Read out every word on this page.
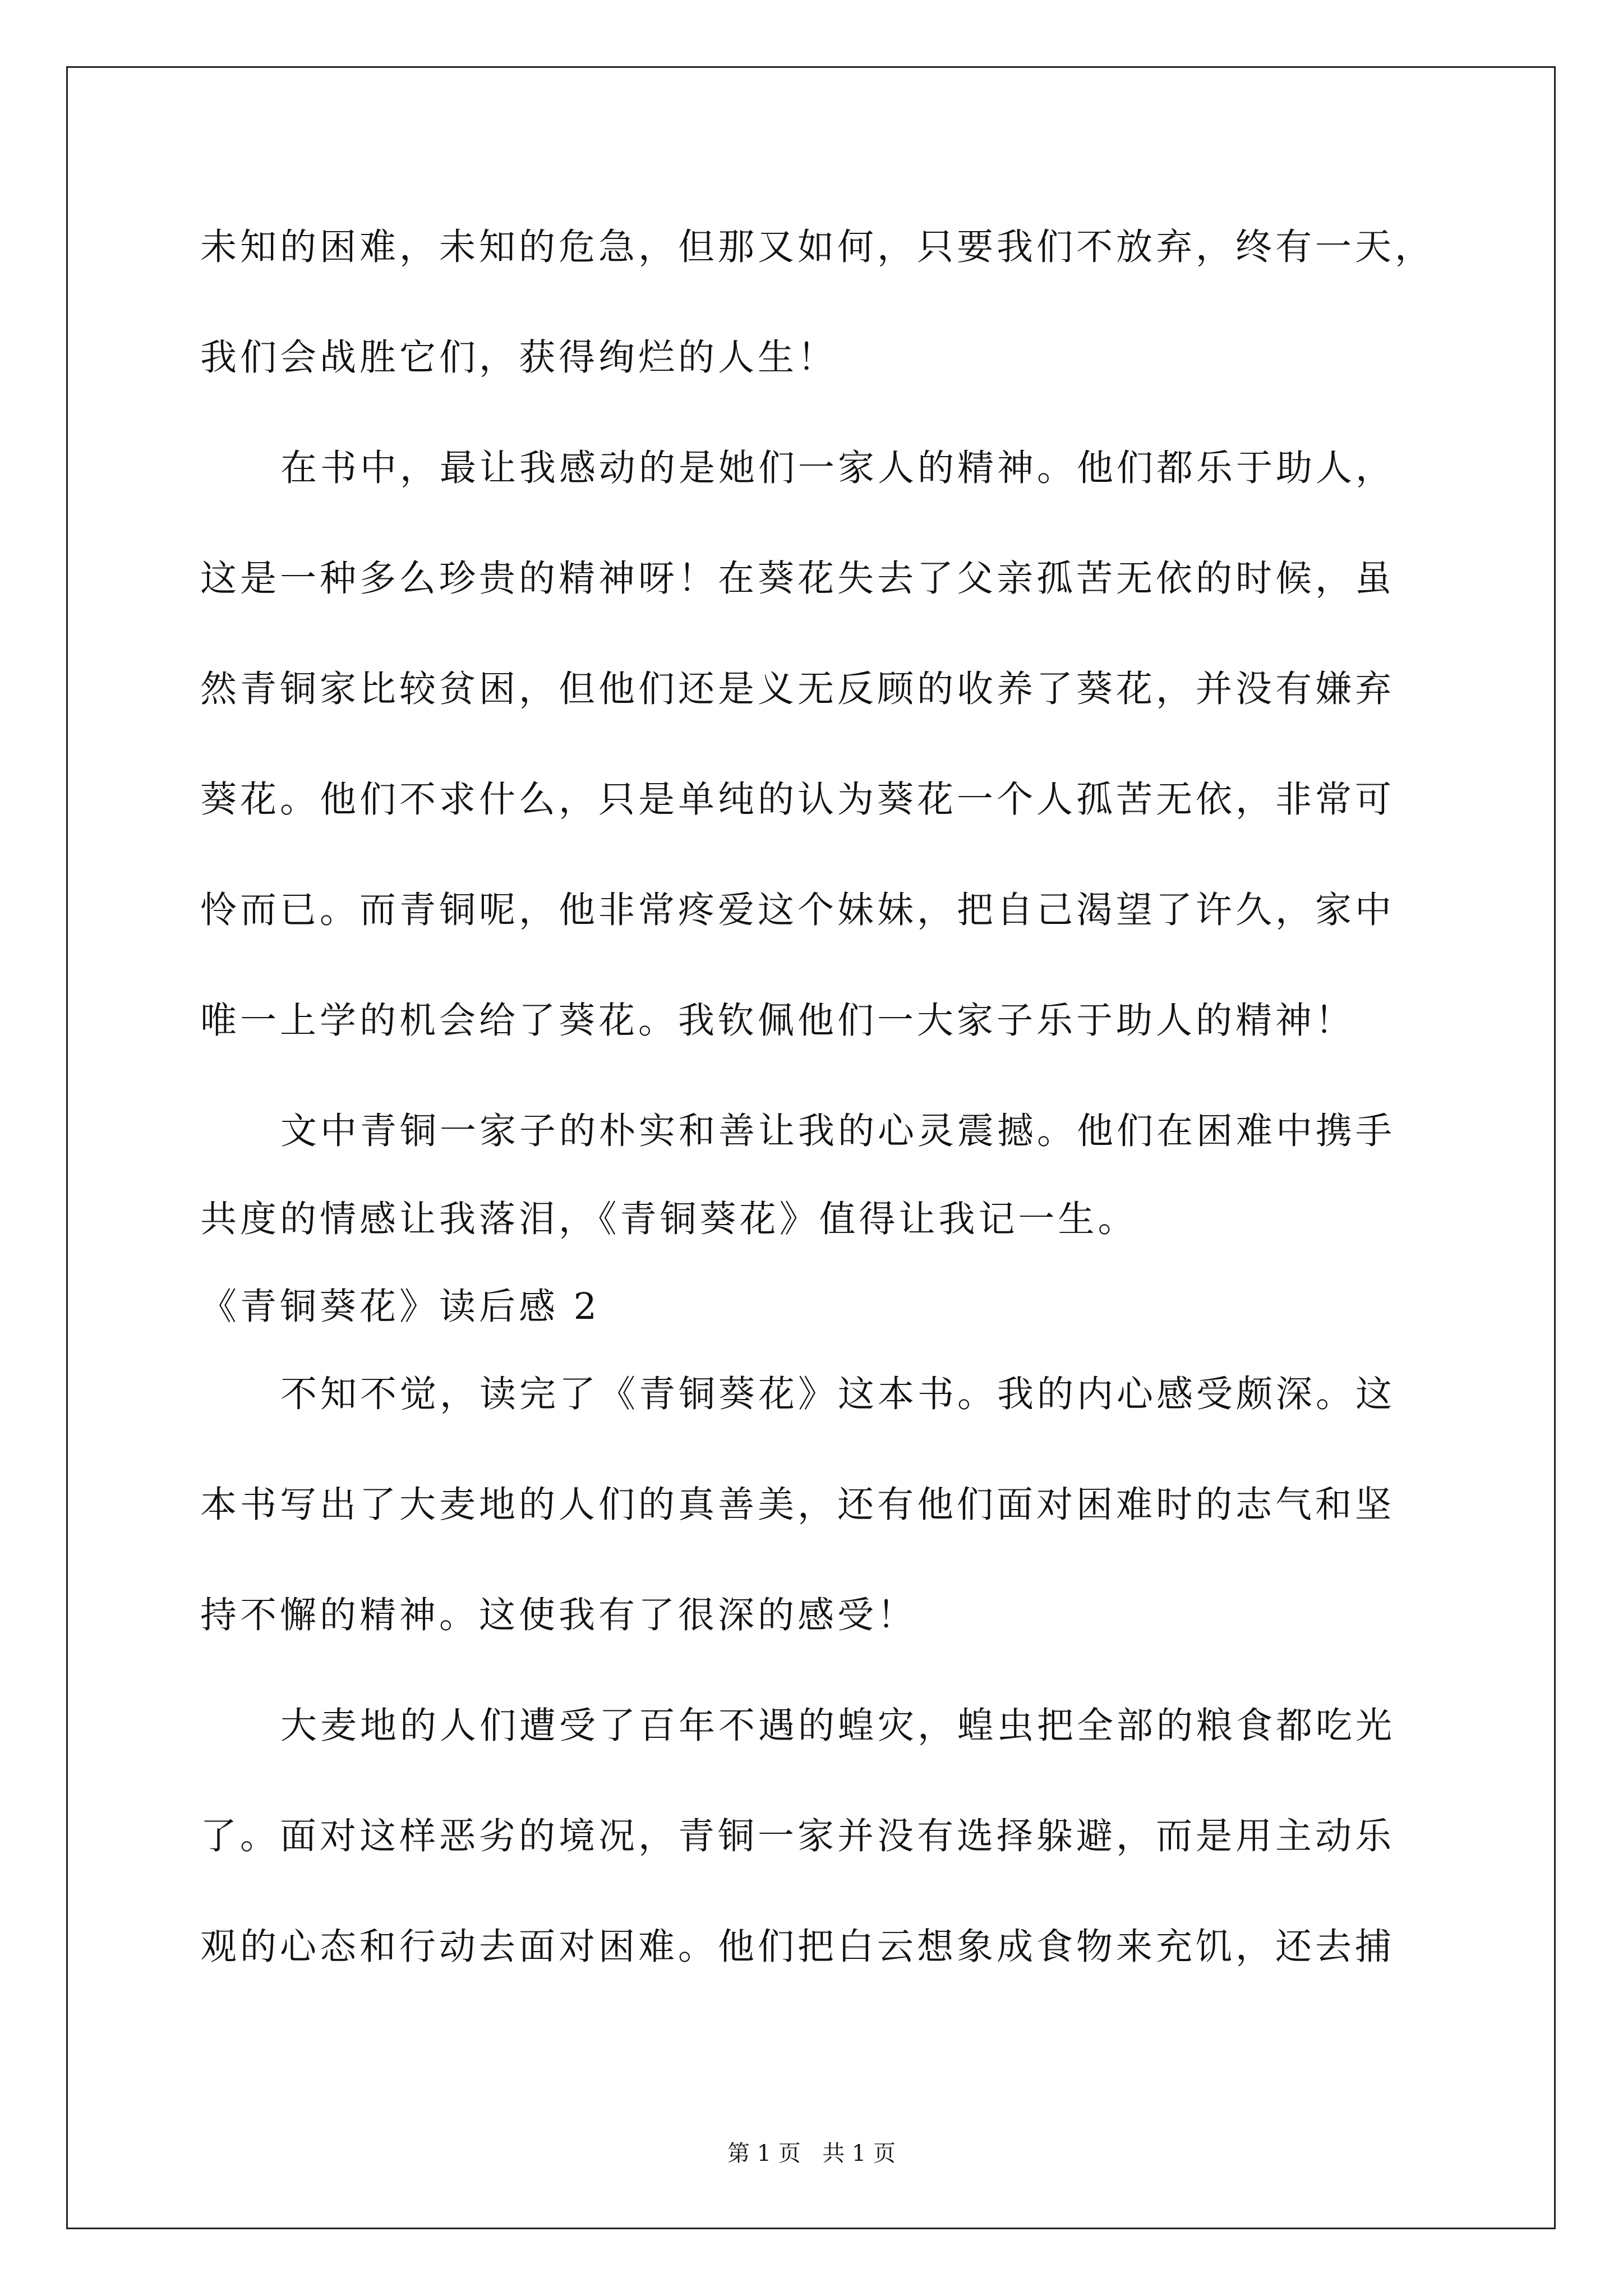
未知的困难，未知的危急，但那又如何，只要我们不放弃，终有一天，
我们会战胜它们，获得绚烂的人生！
在书中，最让我感动的是她们一家人的精神。他们都乐于助人，
这是一种多么珍贵的精神呀！在葵花失去了父亲孤苦无依的时候，虽
然青铜家比较贫困，但他们还是义无反顾的收养了葵花，并没有嫌弃
葵花。他们不求什么，只是单纯的认为葵花一个人孤苦无依，非常可
怜而已。而青铜呢，他非常疼爱这个妹妹，把自己渴望了许久，家中
唯一上学的机会给了葵花。我钦佩他们一大家子乐于助人的精神！
文中青铜一家子的朴实和善让我的心灵震撼。他们在困难中携手
共度的情感让我落泪，《青铜葵花》值得让我记一生。
《青铜葵花》读后感 2
不知不觉，读完了《青铜葵花》这本书。我的内心感受颇深。这
本书写出了大麦地的人们的真善美，还有他们面对困难时的志气和坚
持不懈的精神。这使我有了很深的感受！
大麦地的人们遭受了百年不遇的蝗灾，蝗虫把全部的粮食都吃光
了。面对这样恶劣的境况，青铜一家并没有选择躲避，而是用主动乐
观的心态和行动去面对困难。他们把白云想象成食物来充饥，还去捕
第 1 页   共 1 页
